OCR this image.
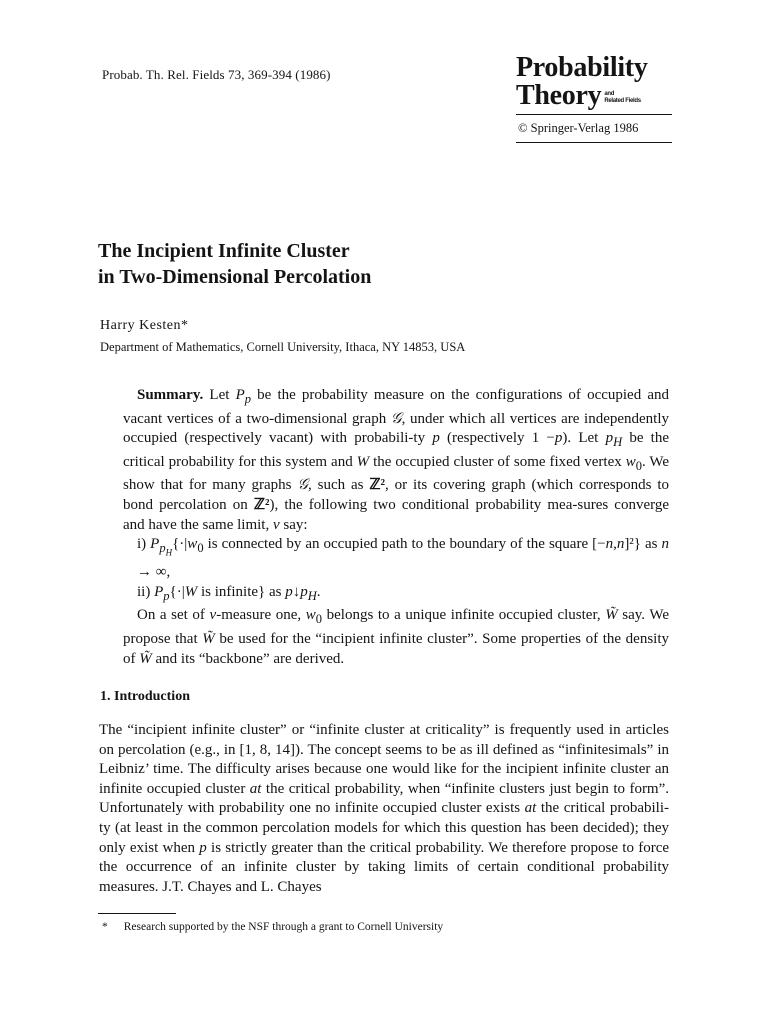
Probab. Th. Rel. Fields 73, 369-394 (1986)	Probability
Theory and
Related Fields
© Springer-Verlag 1986
The Incipient Infinite Cluster
in Two-Dimensional Percolation
Harry Kesten*
Department of Mathematics, Cornell University, Ithaca, NY 14853, USA

Summary. Let $P_p$ be the probability measure on the configurations of occupied and vacant vertices of a two-dimensional graph 𝒢, under which all vertices are independently occupied (respectively vacant) with probabili-ty p (respectively 1 −p). Let $p_H$ be the critical probability for this system and W the occupied cluster of some fixed vertex $w_0$. We show that for many graphs 𝒢, such as ℤ², or its covering graph (which corresponds to bond percolation on ℤ²), the following two conditional probability mea-sures converge and have the same limit, ν say:

i) $P_{p_H}\{\cdot|w_0$ is connected by an occupied path to the boundary of the square [−n,n]²} as n → ∞,

ii) $P_p\{\cdot|W$ is infinite} as $p↓p_H$.

On a set of ν-measure one, $w_0$ belongs to a unique infinite occupied cluster, W̃ say. We propose that W̃ be used for the “incipient infinite cluster”. Some properties of the density of W̃ and its “backbone” are derived.

1. Introduction

The “incipient infinite cluster” or “infinite cluster at criticality” is frequently used in articles on percolation (e.g., in [1, 8, 14]). The concept seems to be as ill defined as “infinitesimals” in Leibniz’ time. The difficulty arises because one would like for the incipient infinite cluster an infinite occupied cluster at the critical probability, when “infinite clusters just begin to form”. Unfortunately with probability one no infinite occupied cluster exists at the critical probabili-ty (at least in the common percolation models for which this question has been decided); they only exist when p is strictly greater than the critical probability. We therefore propose to force the occurrence of an infinite cluster by taking limits of certain conditional probability measures. J.T. Chayes and L. Chayes

* Research supported by the NSF through a grant to Cornell University
